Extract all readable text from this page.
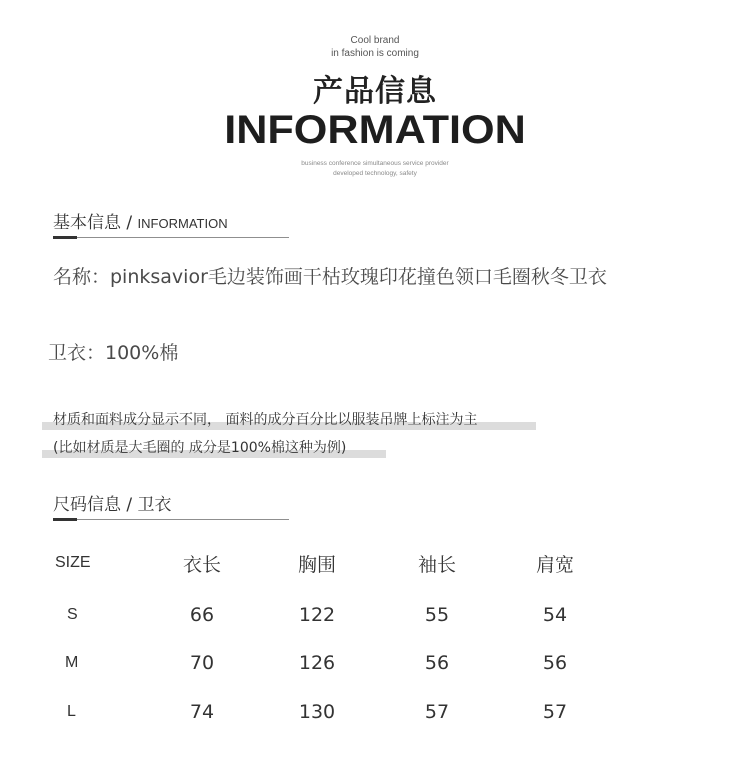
Cool brand
in fashion is coming
产品信息
INFORMATION
business conference simultaneous service provider
developed technology, safety
基本信息 / INFORMATION
名称：pinksavior毛边装饰画干枯玫瑰印花撞色领口毛圈秋冬卫衣
卫衣：100%棉
材质和面料成分显示不同， 面料的成分百分比以服装吊牌上标注为主
(比如材质是大毛圈的 成分是100%棉这种为例)
尺码信息 / 卫衣
SIZE	衣长	胸围	袖长	肩宽
S	66	122	55	54
M	70	126	56	56
L	74	130	57	57
